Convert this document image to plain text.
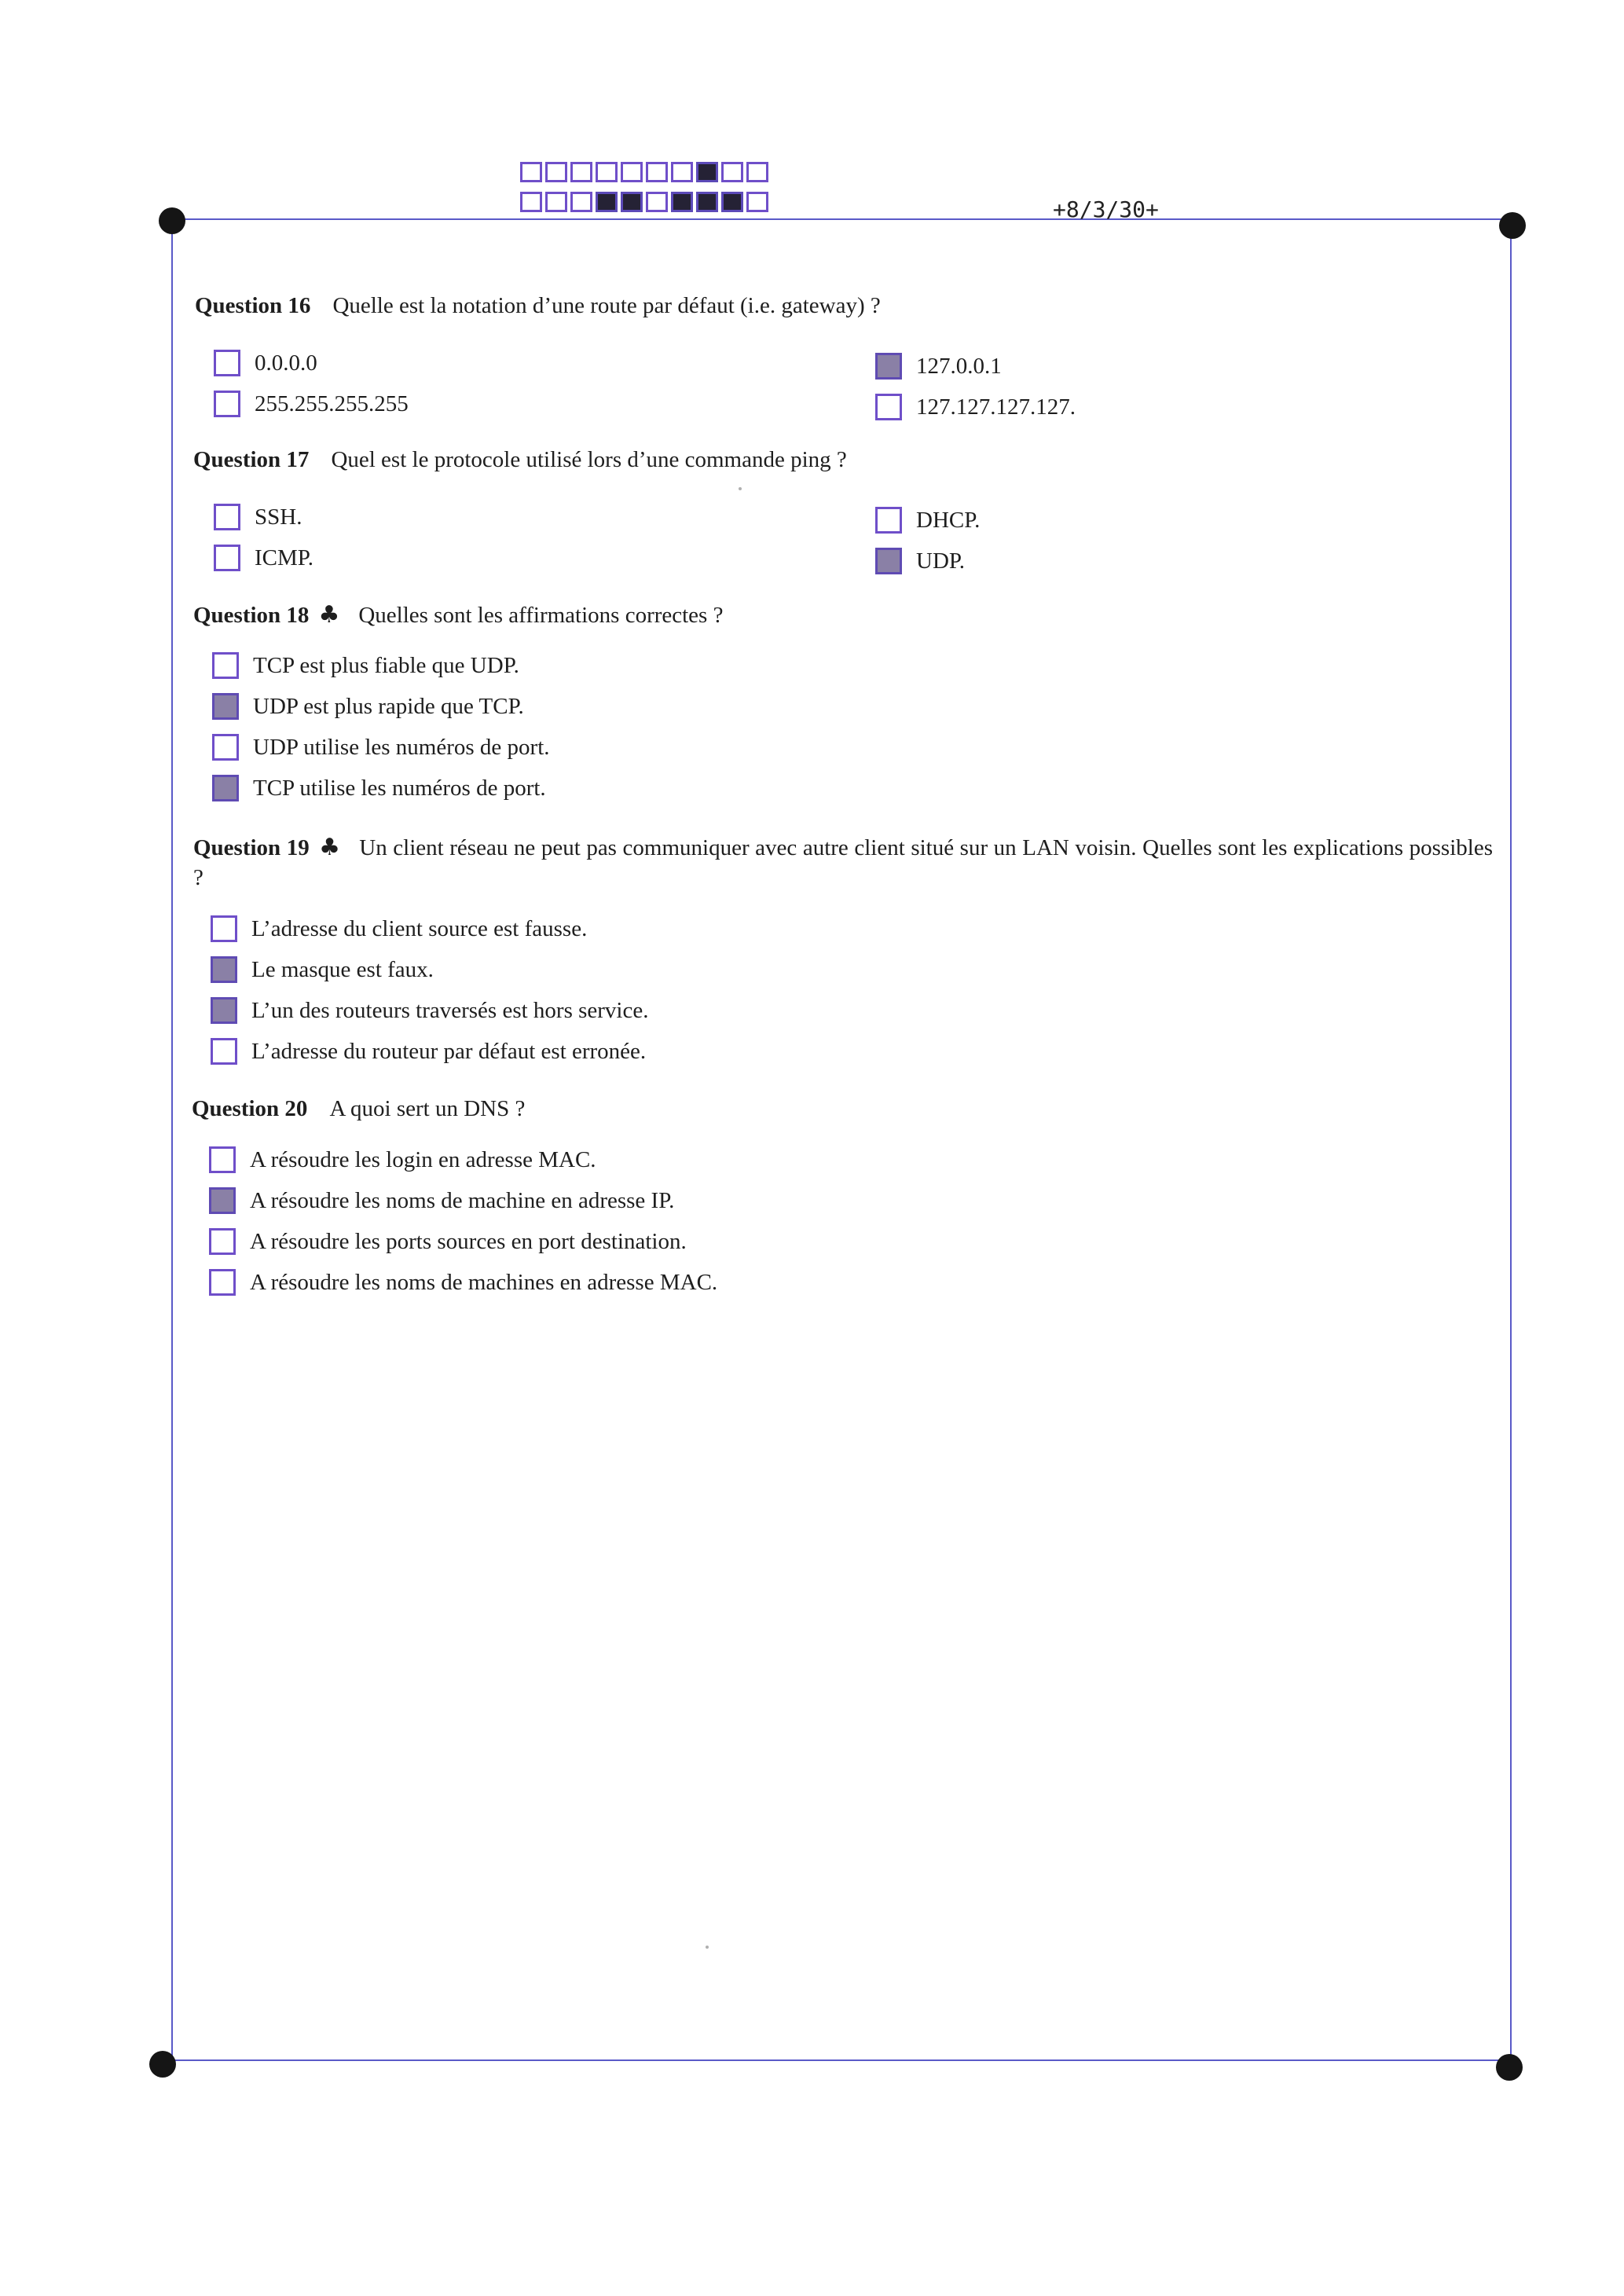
+8/3/30+
Question 16 Quelle est la notation d’une route par défaut (i.e. gateway) ?
0.0.0.0
255.255.255.255
127.0.0.1
127.127.127.127.
Question 17 Quel est le protocole utilisé lors d’une commande ping ?
SSH.
ICMP.
DHCP.
UDP.
Question 18 ♣ Quelles sont les affirmations correctes ?
TCP est plus fiable que UDP.
UDP est plus rapide que TCP.
UDP utilise les numéros de port.
TCP utilise les numéros de port.
Question 19 ♣ Un client réseau ne peut pas communiquer avec autre client situé sur un LAN voisin. Quelles sont les explications possibles ?
L’adresse du client source est fausse.
Le masque est faux.
L’un des routeurs traversés est hors service.
L’adresse du routeur par défaut est erronée.
Question 20 A quoi sert un DNS ?
A résoudre les login en adresse MAC.
A résoudre les noms de machine en adresse IP.
A résoudre les ports sources en port destination.
A résoudre les noms de machines en adresse MAC.
